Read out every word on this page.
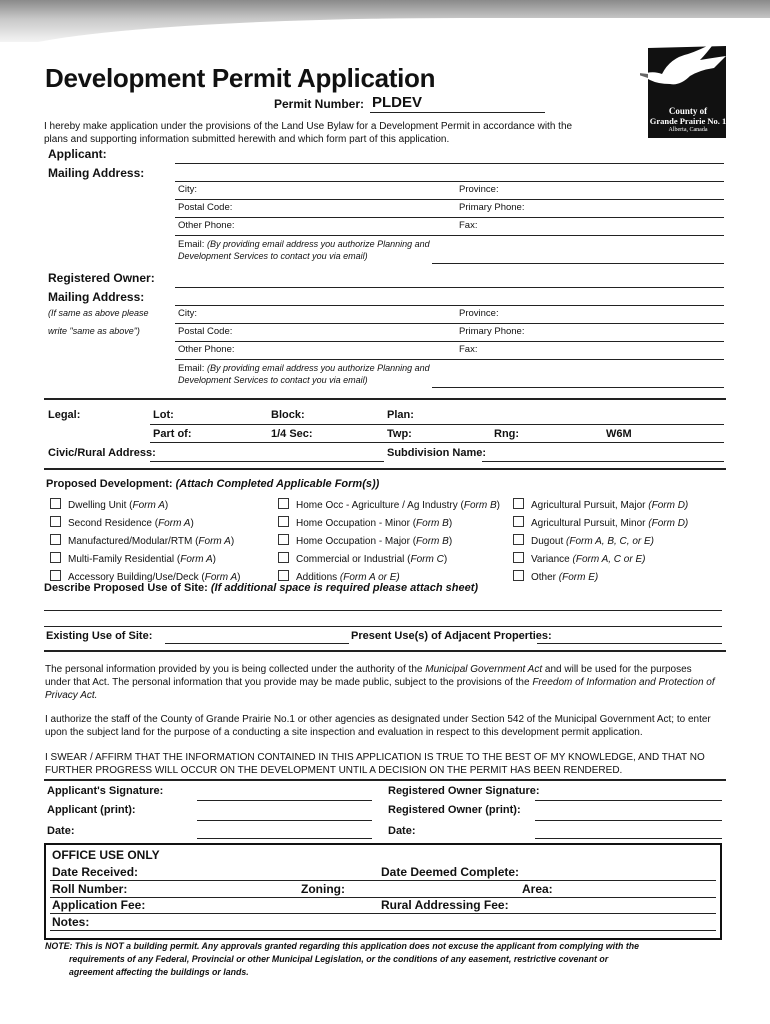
County of
Grande Prairie No. 1
Alberta, Canada
Development Permit Application
Permit Number: PLDEV
I hereby make application under the provisions of the Land Use Bylaw for a Development Permit in accordance with the
plans and supporting information submitted herewith and which form part of this application.
Applicant:
Mailing Address:
City:	Province:
Postal Code:	Primary Phone:
Other Phone:	Fax:
Email: (By providing email address you authorize Planning and
Development Services to contact you via email)
Registered Owner:
Mailing Address:
(If same as above please
write "same as above")
City:	Province:
Postal Code:	Primary Phone:
Other Phone:	Fax:
Email: (By providing email address you authorize Planning and
Development Services to contact you via email)
Legal:	Lot:	Block:	Plan:
Part of:	1/4 Sec:	Twp:	Rng:	W6M
Civic/Rural Address:	Subdivision Name:
Proposed Development: (Attach Completed Applicable Form(s))
Dwelling Unit (Form A)
Second Residence (Form A)
Manufactured/Modular/RTM (Form A)
Multi-Family Residential (Form A)
Accessory Building/Use/Deck (Form A)
Home Occ - Agriculture / Ag Industry (Form B)
Home Occupation - Minor (Form B)
Home Occupation - Major (Form B)
Commercial or Industrial (Form C)
Additions (Form A or E)
Agricultural Pursuit, Major (Form D)
Agricultural Pursuit, Minor (Form D)
Dugout (Form A, B, C, or E)
Variance (Form A, C or E)
Other (Form E)
Describe Proposed Use of Site: (If additional space is required please attach sheet)
Existing Use of Site:	Present Use(s) of Adjacent Properties:
The personal information provided by you is being collected under the authority of the Municipal Government Act and will be used for the purposes
under that Act. The personal information that you provide may be made public, subject to the provisions of the Freedom of Information and Protection of
Privacy Act.
I authorize the staff of the County of Grande Prairie No.1 or other agencies as designated under Section 542 of the Municipal Government Act; to enter
upon the subject land for the purpose of a conducting a site inspection and evaluation in respect to this development permit application.
I SWEAR / AFFIRM THAT THE INFORMATION CONTAINED IN THIS APPLICATION IS TRUE TO THE BEST OF MY KNOWLEDGE, AND THAT NO
FURTHER PROGRESS WILL OCCUR ON THE DEVELOPMENT UNTIL A DECISION ON THE PERMIT HAS BEEN RENDERED.
Applicant's Signature:	Registered Owner Signature:
Applicant (print):	Registered Owner (print):
Date:	Date:
OFFICE USE ONLY
Date Received:	Date Deemed Complete:
Roll Number:	Zoning:	Area:
Application Fee:	Rural Addressing Fee:
Notes:
NOTE: This is NOT a building permit. Any approvals granted regarding this application does not excuse the applicant from complying with the
requirements of any Federal, Provincial or other Municipal Legislation, or the conditions of any easement, restrictive covenant or
agreement affecting the buildings or lands.
